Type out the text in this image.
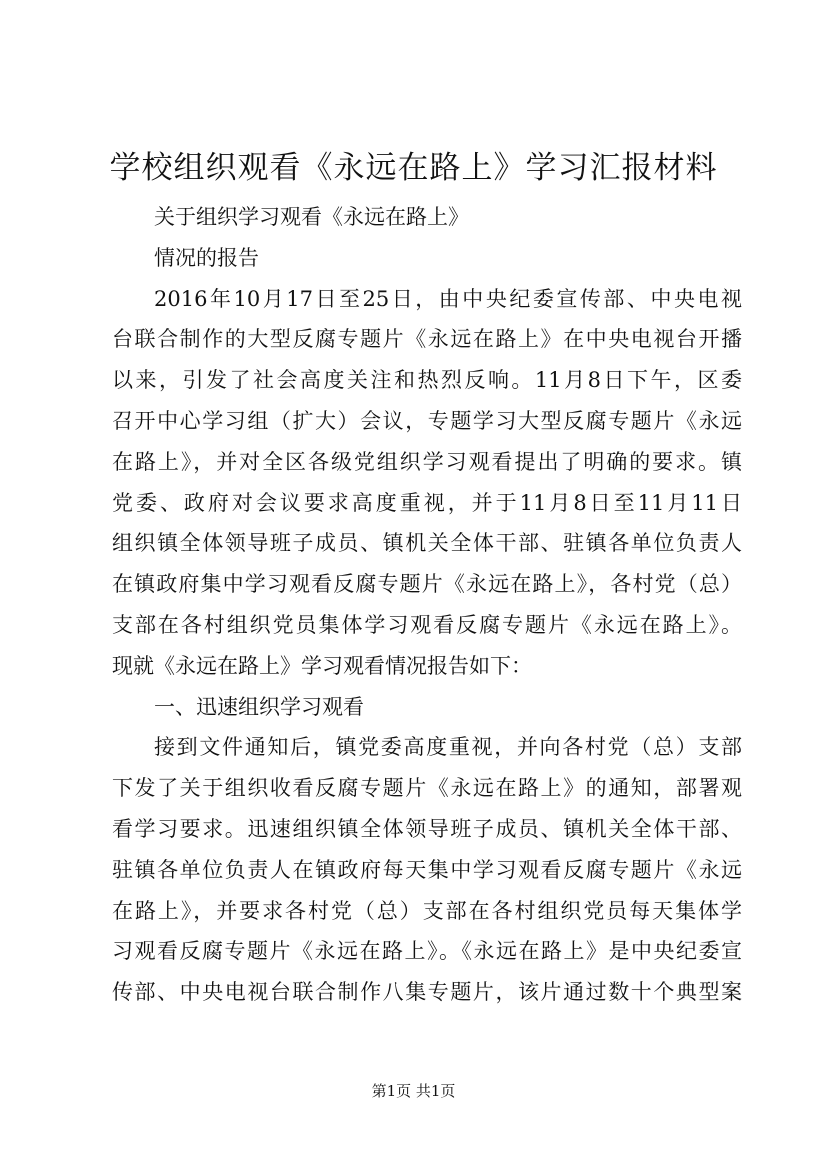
学校组织观看《永远在路上》学习汇报材料
关于组织学习观看《永远在路上》
情况的报告
2016年10月17日至25日，由中央纪委宣传部、中央电视
台联合制作的大型反腐专题片《永远在路上》在中央电视台开播
以来，引发了社会高度关注和热烈反响。11月8日下午，区委
召开中心学习组（扩大）会议，专题学习大型反腐专题片《永远
在路上》，并对全区各级党组织学习观看提出了明确的要求。镇
党委、政府对会议要求高度重视，并于11月8日至11月11日
组织镇全体领导班子成员、镇机关全体干部、驻镇各单位负责人
在镇政府集中学习观看反腐专题片《永远在路上》，各村党（总）
支部在各村组织党员集体学习观看反腐专题片《永远在路上》。
现就《永远在路上》学习观看情况报告如下：
一、迅速组织学习观看
接到文件通知后，镇党委高度重视，并向各村党（总）支部
下发了关于组织收看反腐专题片《永远在路上》的通知，部署观
看学习要求。迅速组织镇全体领导班子成员、镇机关全体干部、
驻镇各单位负责人在镇政府每天集中学习观看反腐专题片《永远
在路上》，并要求各村党（总）支部在各村组织党员每天集体学
习观看反腐专题片《永远在路上》。《永远在路上》是中央纪委宣
传部、中央电视台联合制作八集专题片，该片通过数十个典型案
第1页 共1页
